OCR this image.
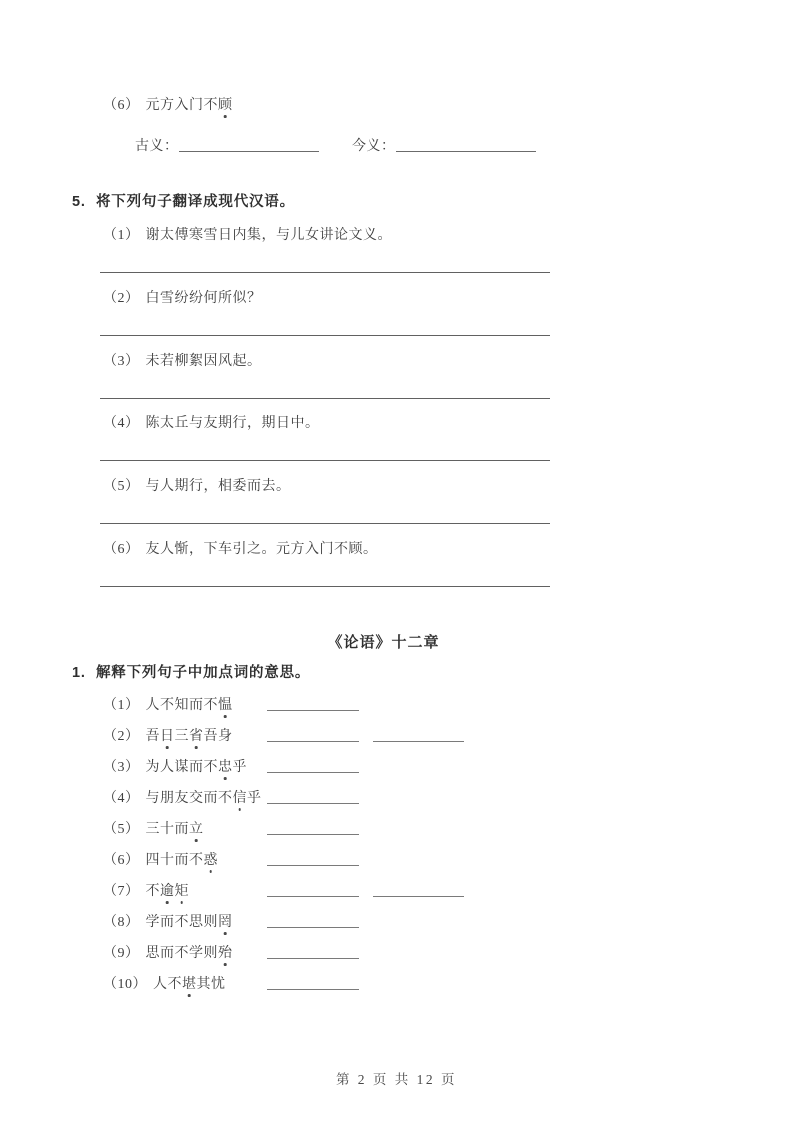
（6） 元方入门不顾
古义：	今义：
5. 将下列句子翻译成现代汉语。
（1） 谢太傅寒雪日内集，与儿女讲论文义。
（2） 白雪纷纷何所似？
（3） 未若柳絮因风起。
（4） 陈太丘与友期行，期日中。
（5） 与人期行，相委而去。
（6） 友人惭，下车引之。元方入门不顾。
《论语》十二章
1. 解释下列句子中加点词的意思。
（1） 人不知而不愠
（2） 吾日三省吾身
（3） 为人谋而不忠乎
（4） 与朋友交而不信乎
（5） 三十而立
（6） 四十而不惑
（7） 不逾矩
（8） 学而不思则罔
（9） 思而不学则殆
（10） 人不堪其忧
第 2 页 共 12 页
